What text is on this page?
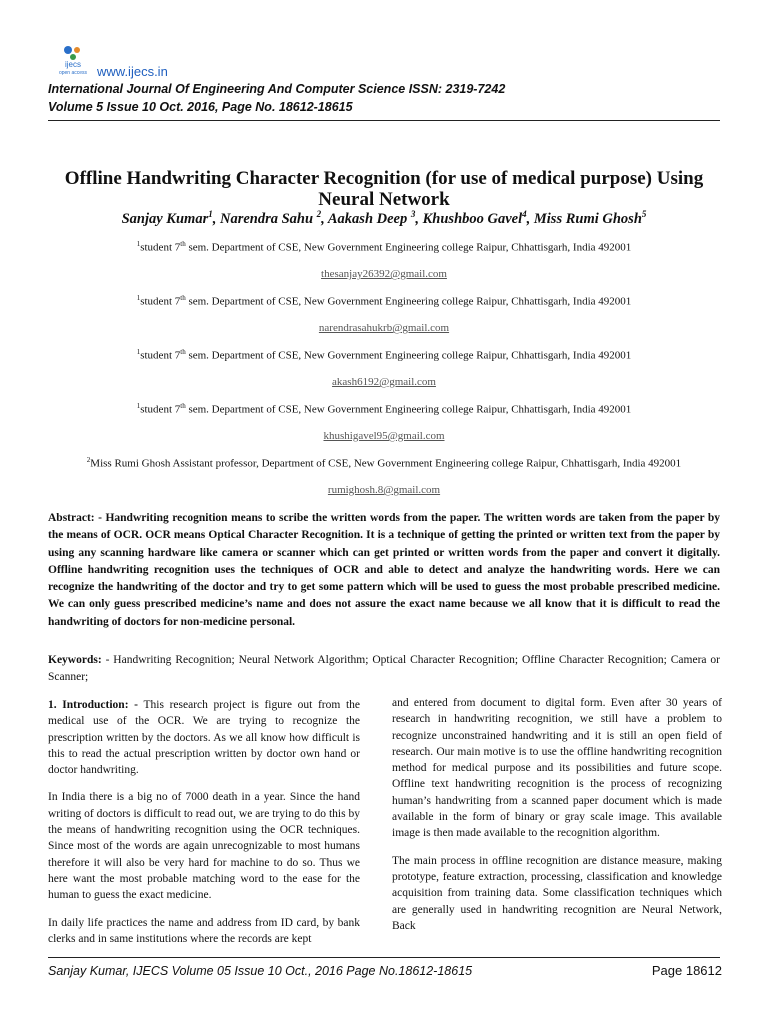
ijecs
open access www.ijecs.in
International Journal Of Engineering And Computer Science ISSN: 2319-7242
Volume 5 Issue 10 Oct. 2016, Page No. 18612-18615
Offline Handwriting Character Recognition (for use of medical purpose) Using Neural Network
Sanjay Kumar$^1$, Narendra Sahu $^2$, Aakash Deep $^3$, Khushboo Gavel$^4$, Miss Rumi Ghosh$^5$
$^1$student 7th sem. Department of CSE, New Government Engineering college Raipur, Chhattisgarh, India 492001
thesanjay26392@gmail.com
$^1$student 7th sem. Department of CSE, New Government Engineering college Raipur, Chhattisgarh, India 492001
narendrasahukrb@gmail.com
$^1$student 7th sem. Department of CSE, New Government Engineering college Raipur, Chhattisgarh, India 492001
akash6192@gmail.com
$^1$student 7th sem. Department of CSE, New Government Engineering college Raipur, Chhattisgarh, India 492001
khushigavel95@gmail.com
$^2$Miss Rumi Ghosh Assistant professor, Department of CSE, New Government Engineering college Raipur, Chhattisgarh, India 492001
rumighosh.8@gmail.com
Abstract: - Handwriting recognition means to scribe the written words from the paper. The written words are taken from the paper by the means of OCR. OCR means Optical Character Recognition. It is a technique of getting the printed or written text from the paper by using any scanning hardware like camera or scanner which can get printed or written words from the paper and convert it digitally. Offline handwriting recognition uses the techniques of OCR and able to detect and analyze the handwriting words. Here we can recognize the handwriting of the doctor and try to get some pattern which will be used to guess the most probable prescribed medicine. We can only guess prescribed medicine’s name and does not assure the exact name because we all know that it is difficult to read the handwriting of doctors for non-medicine personal.
Keywords: - Handwriting Recognition; Neural Network Algorithm; Optical Character Recognition; Offline Character Recognition; Camera or Scanner;

1. Introduction: - This research project is figure out from the medical use of the OCR. We are trying to recognize the prescription written by the doctors. As we all know how difficult is this to read the actual prescription written by doctor own hand or doctor handwriting.

In India there is a big no of 7000 death in a year. Since the hand writing of doctors is difficult to read out, we are trying to do this by the means of handwriting recognition using the OCR techniques. Since most of the words are again unrecognizable to most humans therefore it will also be very hard for machine to do so. Thus we here want the most probable matching word to the ease for the human to guess the exact medicine.

In daily life practices the name and address from ID card, by bank clerks and in same institutions where the records are kept

and entered from document to digital form. Even after 30 years of research in handwriting recognition, we still have a problem to recognize unconstrained handwriting and it is still an open field of research. Our main motive is to use the offline handwriting recognition method for medical purpose and its possibilities and future scope. Offline text handwriting recognition is the process of recognizing human’s handwriting from a scanned paper document which is made available in the form of binary or gray scale image. This available image is then made available to the recognition algorithm.

The main process in offline recognition are distance measure, making prototype, feature extraction, processing, classification and knowledge acquisition from training data. Some classification techniques which are generally used in handwriting recognition are Neural Network, Back

Sanjay Kumar, IJECS Volume 05 Issue 10 Oct., 2016 Page No.18612-18615	Page 18612
